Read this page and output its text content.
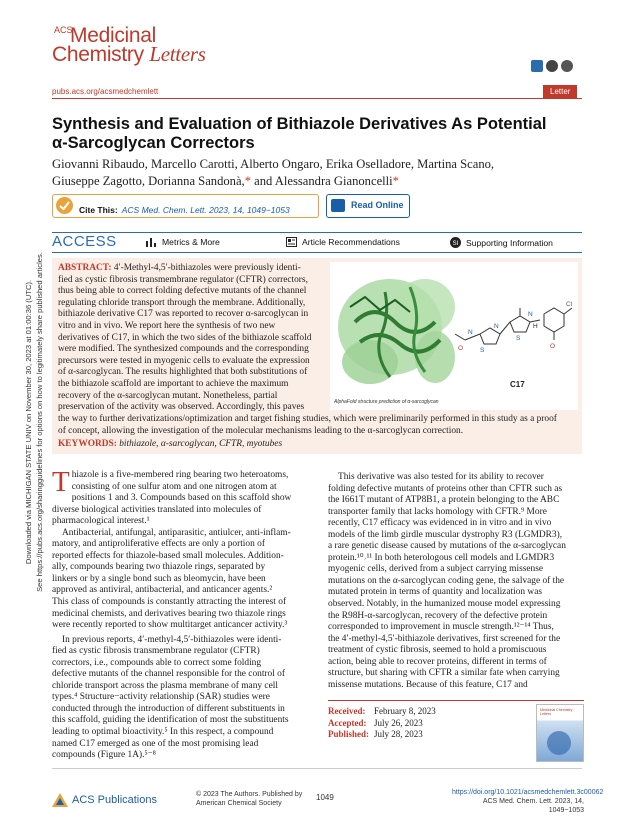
Downloaded via MICHIGAN STATE UNIV on November 30, 2023 at 01:00:36 (UTC). See https://pubs.acs.org/sharingguidelines for options on how to legitimately share published articles.
ACS
Medicinal
Chemistry Letters
pubs.acs.org/acsmedchemlett	Letter
Synthesis and Evaluation of Bithiazole Derivatives As Potential
α-Sarcoglycan Correctors
Giovanni Ribaudo, Marcello Carotti, Alberto Ongaro, Erika Oselladore, Martina Scano,
Giuseppe Zagotto, Dorianna Sandonà,* and Alessandra Gianoncelli*
Cite This: ACS Med. Chem. Lett. 2023, 14, 1049−1053	Read Online
ACCESS	Metrics & More	Article Recommendations	SI Supporting Information
ABSTRACT: 4′-Methyl-4,5′-bithiazoles were previously identi-
fied as cystic fibrosis transmembrane regulator (CFTR) correctors,
thus being able to correct folding defective mutants of the channel
regulating chloride transport through the membrane. Additionally,
bithiazole derivative C17 was reported to recover α-sarcoglycan in
vitro and in vivo. We report here the synthesis of two new
derivatives of C17, in which the two sides of the bithiazole scaffold
were modified. The synthesized compounds and the corresponding
precursors were tested in myogenic cells to evaluate the expression
of α-sarcoglycan. The results highlighted that both substitutions of
the bithiazole scaffold are important to achieve the maximum
recovery of the α-sarcoglycan mutant. Nonetheless, partial
preservation of the activity was observed. Accordingly, this paves
S
S
N
N
H
O
Cl
O
N
C17
AlphaFold structure prediction of α-sarcoglycan
the way to further derivatizations/optimization and target fishing studies, which were preliminarily performed in this study as a proof
of concept, allowing the investigation of the molecular mechanisms leading to the α-sarcoglycan correction.
KEYWORDS: bithiazole, α-sarcoglycan, CFTR, myotubes
T hiazole is a five-membered ring bearing two heteroatoms,
consisting of one sulfur atom and one nitrogen atom at
positions 1 and 3. Compounds based on this scaffold show
diverse biological activities translated into molecules of
pharmacological interest.¹
Antibacterial, antifungal, antiparasitic, antiulcer, anti-inflam-
matory, and antiproliferative effects are only a portion of
reported effects for thiazole-based small molecules. Addition-
ally, compounds bearing two thiazole rings, separated by
linkers or by a single bond such as bleomycin, have been
approved as antiviral, antibacterial, and anticancer agents.²
This class of compounds is constantly attracting the interest of
medicinal chemists, and derivatives bearing two thiazole rings
were recently reported to show multitarget anticancer activity.³
In previous reports, 4′-methyl-4,5′-bithiazoles were identi-
fied as cystic fibrosis transmembrane regulator (CFTR)
correctors, i.e., compounds able to correct some folding
defective mutants of the channel responsible for the control of
chloride transport across the plasma membrane of many cell
types.⁴ Structure−activity relationship (SAR) studies were
conducted through the introduction of different substituents in
this scaffold, guiding the identification of most the substituents
leading to optimal bioactivity.⁵ In this respect, a compound
named C17 emerged as one of the most promising lead
compounds (Figure 1A).⁵⁻⁸
This derivative was also tested for its ability to recover
folding defective mutants of proteins other than CFTR such as
the I661T mutant of ATP8B1, a protein belonging to the ABC
transporter family that lacks homology with CFTR.⁹ More
recently, C17 efficacy was evidenced in in vitro and in vivo
models of the limb girdle muscular dystrophy R3 (LGMDR3),
a rare genetic disease caused by mutations of the α-sarcoglycan
protein.¹⁰˒¹¹ In both heterologous cell models and LGMDR3
myogenic cells, derived from a subject carrying missense
mutations on the α-sarcoglycan coding gene, the salvage of the
mutated protein in terms of quantity and localization was
observed. Notably, in the humanized mouse model expressing
the R98H-α-sarcoglycan, recovery of the defective protein
corresponded to improvement in muscle strength.¹²⁻¹⁴ Thus,
the 4′-methyl-4,5′-bithiazole derivatives, first screened for the
treatment of cystic fibrosis, seemed to hold a promiscuous
action, being able to recover proteins, different in terms of
structure, but sharing with CFTR a similar fate when carrying
missense mutations. Because of this feature, C17 and
Received: February 8, 2023
Accepted: July 26, 2023
Published: July 28, 2023
Medicinal Chemistry Letters
ACS Publications	© 2023 The Authors. Published by American Chemical Society
1049
https://doi.org/10.1021/acsmedchemlett.3c00062
ACS Med. Chem. Lett. 2023, 14, 1049−1053
